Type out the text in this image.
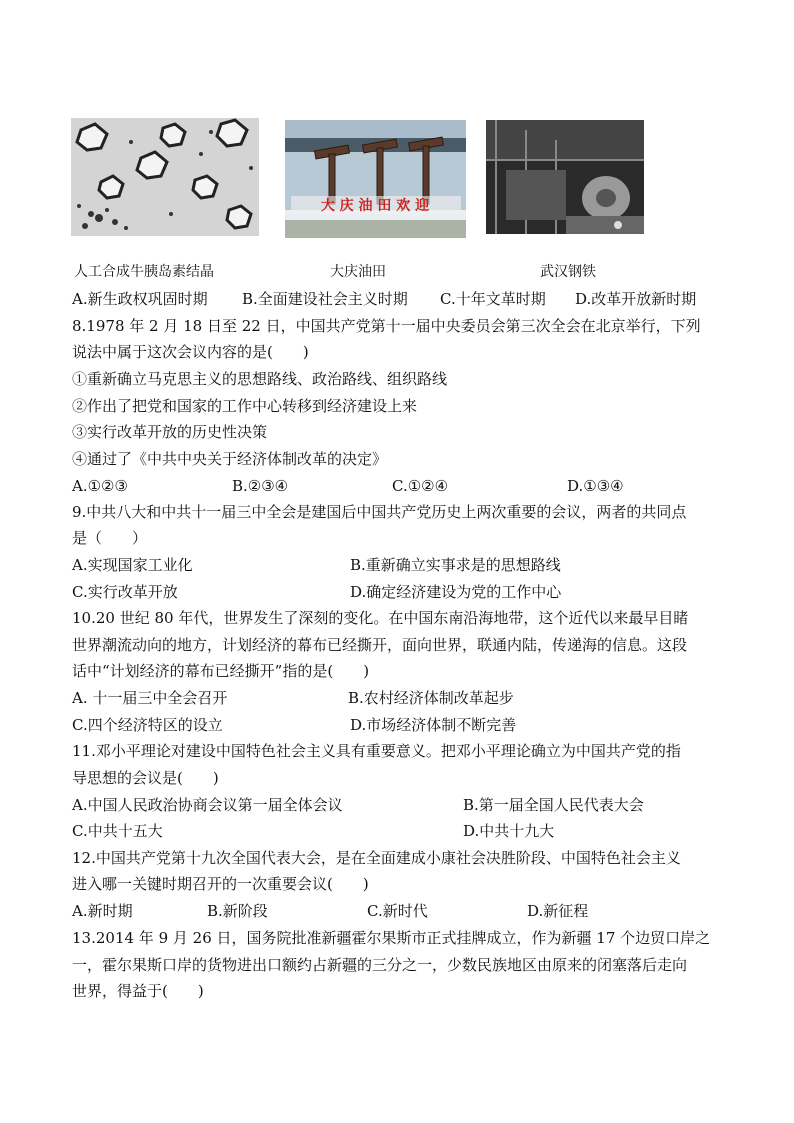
大 庆 油 田 欢 迎
人工合成牛胰岛素结晶	大庆油田	武汉钢铁
A.新生政权巩固时期 B.全面建设社会主义时期 C.十年文革时期 D.改革开放新时期
8.1978 年 2 月 18 日至 22 日，中国共产党第十一届中央委员会第三次全会在北京举行，下列
说法中属于这次会议内容的是(　　)
①重新确立马克思主义的思想路线、政治路线、组织路线
②作出了把党和国家的工作中心转移到经济建设上来
③实行改革开放的历史性决策
④通过了《中共中央关于经济体制改革的决定》
A.①②③	B.②③④	C.①②④	D.①③④
9.中共八大和中共十一届三中全会是建国后中国共产党历史上两次重要的会议，两者的共同点
是（　　）
A.实现国家工业化	B.重新确立实事求是的思想路线
C.实行改革开放	D.确定经济建设为党的工作中心
10.20 世纪 80 年代，世界发生了深刻的变化。在中国东南沿海地带，这个近代以来最早目睹
世界潮流动向的地方，计划经济的幕布已经撕开，面向世界，联通内陆，传递海的信息。这段
话中“计划经济的幕布已经撕开”指的是(　　)
A. 十一届三中全会召开	B.农村经济体制改革起步
C.四个经济特区的设立	D.市场经济体制不断完善
11.邓小平理论对建设中国特色社会主义具有重要意义。把邓小平理论确立为中国共产党的指
导思想的会议是(　　)
A.中国人民政治协商会议第一届全体会议	B.第一届全国人民代表大会
C.中共十五大	D.中共十九大
12.中国共产党第十九次全国代表大会，是在全面建成小康社会决胜阶段、中国特色社会主义
进入哪一关键时期召开的一次重要会议(　　)
A.新时期	B.新阶段	C.新时代	D.新征程
13.2014 年 9 月 26 日，国务院批准新疆霍尔果斯市正式挂牌成立，作为新疆 17 个边贸口岸之
一，霍尔果斯口岸的货物进出口额约占新疆的三分之一，少数民族地区由原来的闭塞落后走向
世界，得益于(　　)
